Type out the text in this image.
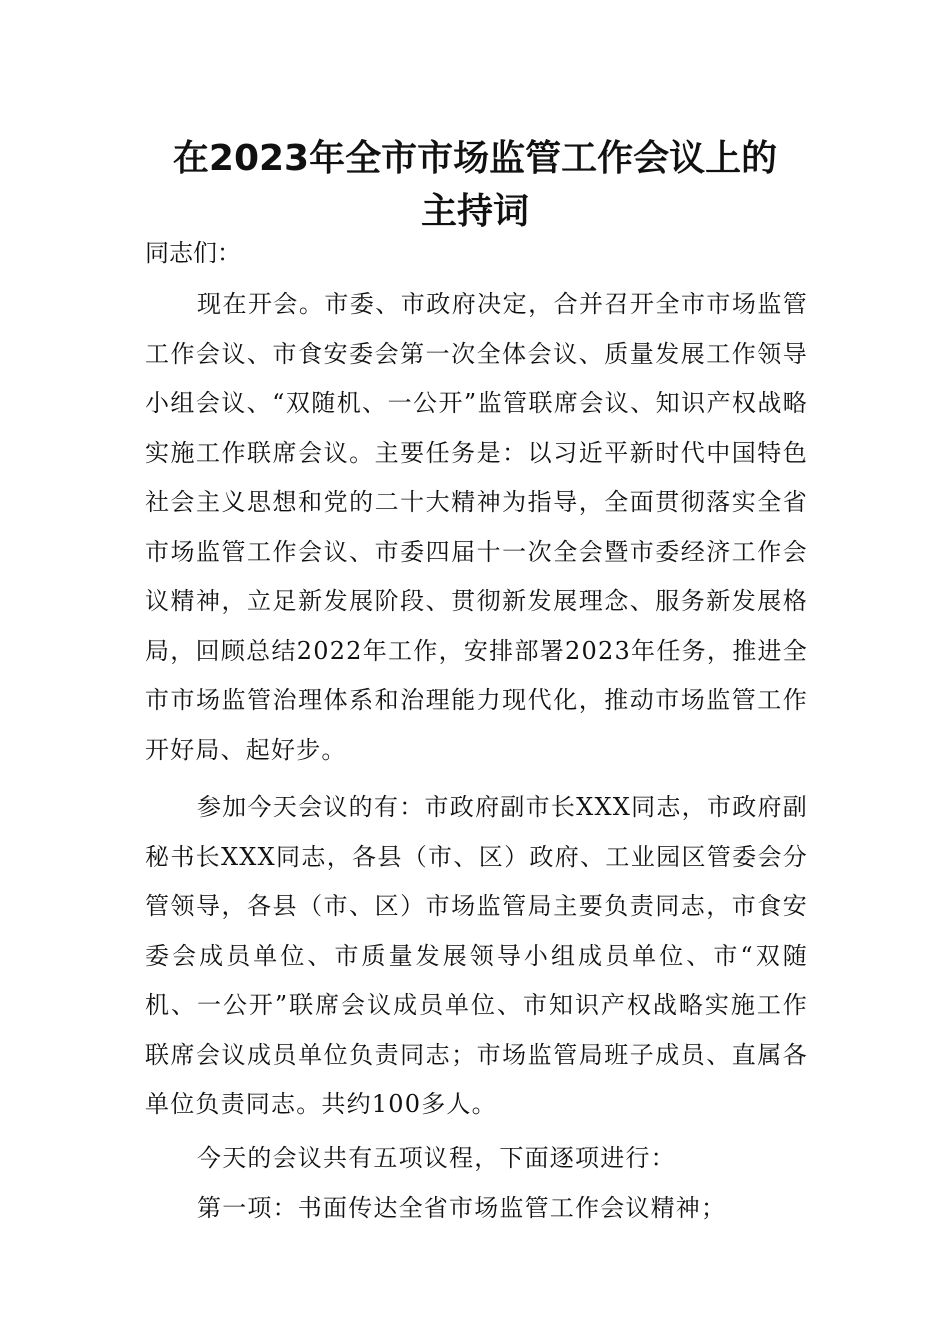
在2023年全市市场监管工作会议上的
主持词
同志们：

现在开会。市委、市政府决定，合并召开全市市场监管工作会议、市食安委会第一次全体会议、质量发展工作领导小组会议、“双随机、一公开”监管联席会议、知识产权战略实施工作联席会议。主要任务是：以习近平新时代中国特色社会主义思想和党的二十大精神为指导，全面贯彻落实全省市场监管工作会议、市委四届十一次全会暨市委经济工作会议精神，立足新发展阶段、贯彻新发展理念、服务新发展格局，回顾总结2022年工作，安排部署2023年任务，推进全市市场监管治理体系和治理能力现代化，推动市场监管工作开好局、起好步。

参加今天会议的有：市政府副市长XXX同志，市政府副秘书长XXX同志，各县（市、区）政府、工业园区管委会分管领导，各县（市、区）市场监管局主要负责同志，市食安委会成员单位、市质量发展领导小组成员单位、市“双随机、一公开”联席会议成员单位、市知识产权战略实施工作联席会议成员单位负责同志；市场监管局班子成员、直属各单位负责同志。共约100多人。

今天的会议共有五项议程，下面逐项进行：

第一项：书面传达全省市场监管工作会议精神；
